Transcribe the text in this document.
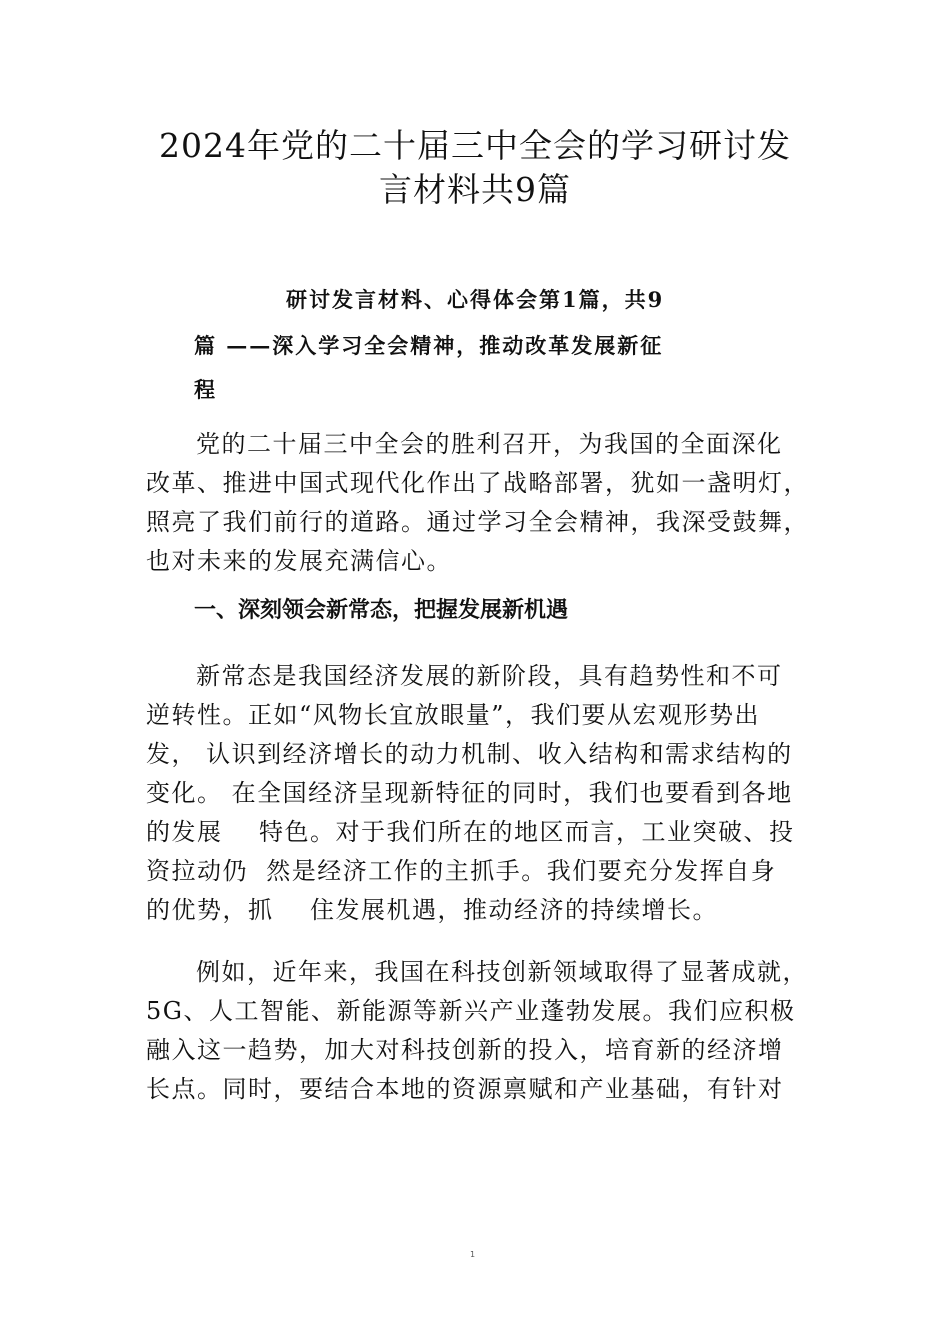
2024年党的二十届三中全会的学习研讨发
言材料共9篇
研讨发言材料、心得体会第1篇，共9
篇 ——深入学习全会精神，推动改革发展新征
程
党的二十届三中全会的胜利召开，为我国的全面深化
改革、推进中国式现代化作出了战略部署，犹如一盏明灯，
照亮了我们前行的道路。通过学习全会精神，我深受鼓舞，
也对未来的发展充满信心。
一、深刻领会新常态，把握发展新机遇
新常态是我国经济发展的新阶段，具有趋势性和不可
逆转性。正如“风物长宜放眼量”，我们要从宏观形势出
发， 认识到经济增长的动力机制、收入结构和需求结构的
变化。 在全国经济呈现新特征的同时，我们也要看到各地
的发展    特色。对于我们所在的地区而言，工业突破、投
资拉动仍  然是经济工作的主抓手。我们要充分发挥自身
的优势，抓    住发展机遇，推动经济的持续增长。
例如，近年来，我国在科技创新领域取得了显著成就，
5G、人工智能、新能源等新兴产业蓬勃发展。我们应积极
融入这一趋势，加大对科技创新的投入，培育新的经济增
长点。同时，要结合本地的资源禀赋和产业基础，有针对
1
